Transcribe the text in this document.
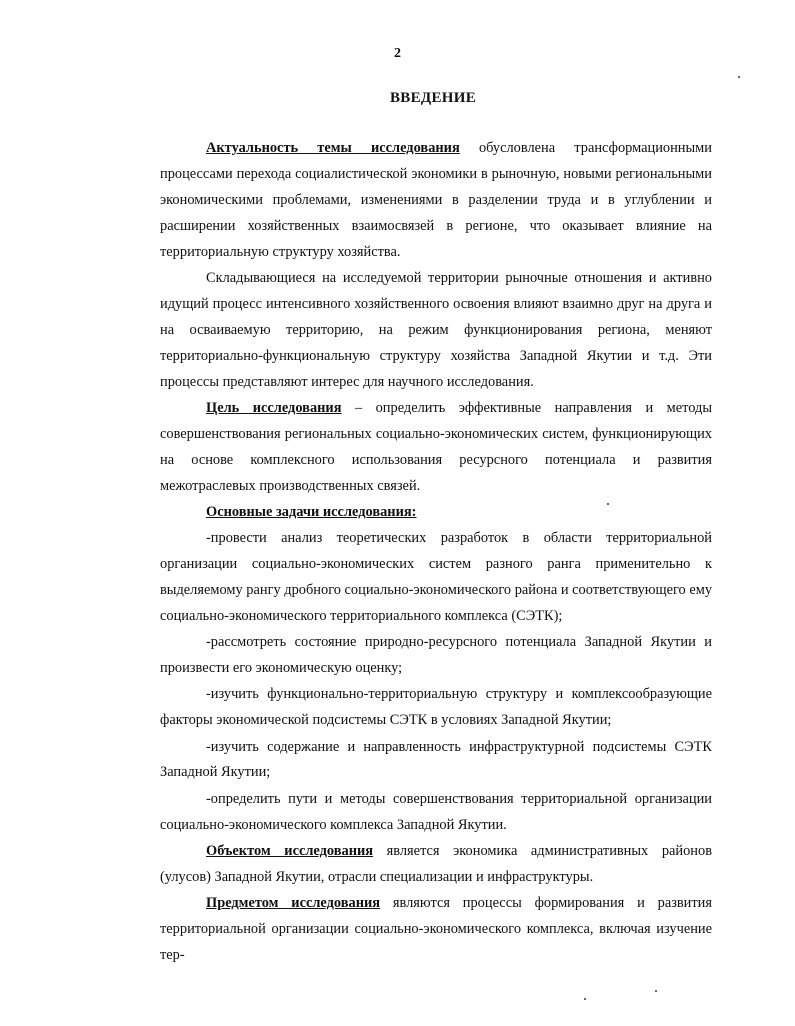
2
ВВЕДЕНИЕ

Актуальность темы исследования обусловлена трансформационными процессами перехода социалистической экономики в рыночную, новыми региональными экономическими проблемами, изменениями в разделении труда и в углублении и расширении хозяйственных взаимосвязей в регионе, что оказывает влияние на территориальную структуру хозяйства.

Складывающиеся на исследуемой территории рыночные отношения и активно идущий процесс интенсивного хозяйственного освоения влияют взаимно друг на друга и на осваиваемую территорию, на режим функционирования региона, меняют территориально-функциональную структуру хозяйства Западной Якутии и т.д. Эти процессы представляют интерес для научного исследования.

Цель исследования – определить эффективные направления и методы совершенствования региональных социально-экономических систем, функционирующих на основе комплексного использования ресурсного потенциала и развития межотраслевых производственных связей.

Основные задачи исследования:

-провести анализ теоретических разработок в области территориальной организации социально-экономических систем разного ранга применительно к выделяемому рангу дробного социально-экономического района и соответствующего ему социально-экономического территориального комплекса (СЭТК);

-рассмотреть состояние природно-ресурсного потенциала Западной Якутии и произвести его экономическую оценку;

-изучить функционально-территориальную структуру и комплексообразующие факторы экономической подсистемы СЭТК в условиях Западной Якутии;

-изучить содержание и направленность инфраструктурной подсистемы СЭТК Западной Якутии;

-определить пути и методы совершенствования территориальной организации социально-экономического комплекса Западной Якутии.

Объектом исследования является экономика административных районов (улусов) Западной Якутии, отрасли специализации и инфраструктуры.

Предметом исследования являются процессы формирования и развития территориальной организации социально-экономического комплекса, включая изучение тер-
